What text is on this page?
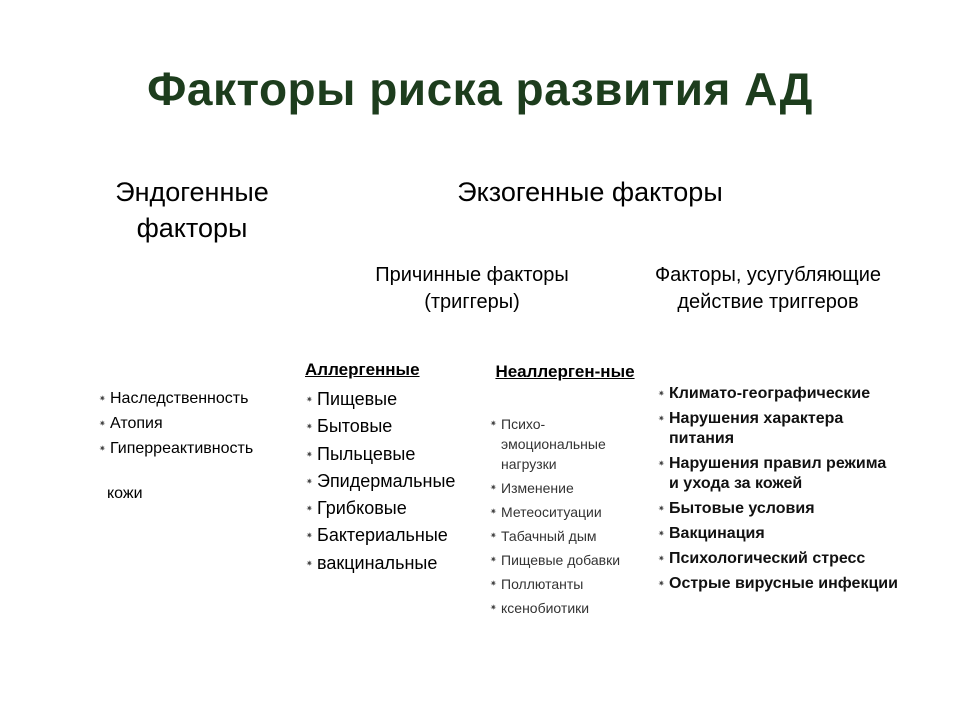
Факторы риска развития АД
Эндогенные факторы
Экзогенные факторы
Причинные факторы (триггеры)
Факторы, усугубляющие действие триггеров
Аллергенные	Неаллерген-ные
✷ Наследственность
✷ Атопия
✷ Гиперреактивность
кожи
✷ Пищевые
✷ Бытовые
✷ Пыльцевые
✷ Эпидермальные
✷ Грибковые
✷ Бактериальные
✷ вакцинальные
✷ Психо-эмоциональные нагрузки
✷ Изменение
✷ Метеоситуации
✷ Табачный дым
✷ Пищевые добавки
✷ Поллютанты
✷ ксенобиотики
✷ Климато-географические
✷ Нарушения характера питания
✷ Нарушения правил режима и ухода за кожей
✷ Бытовые условия
✷ Вакцинация
✷ Психологический стресс
✷ Острые вирусные инфекции
